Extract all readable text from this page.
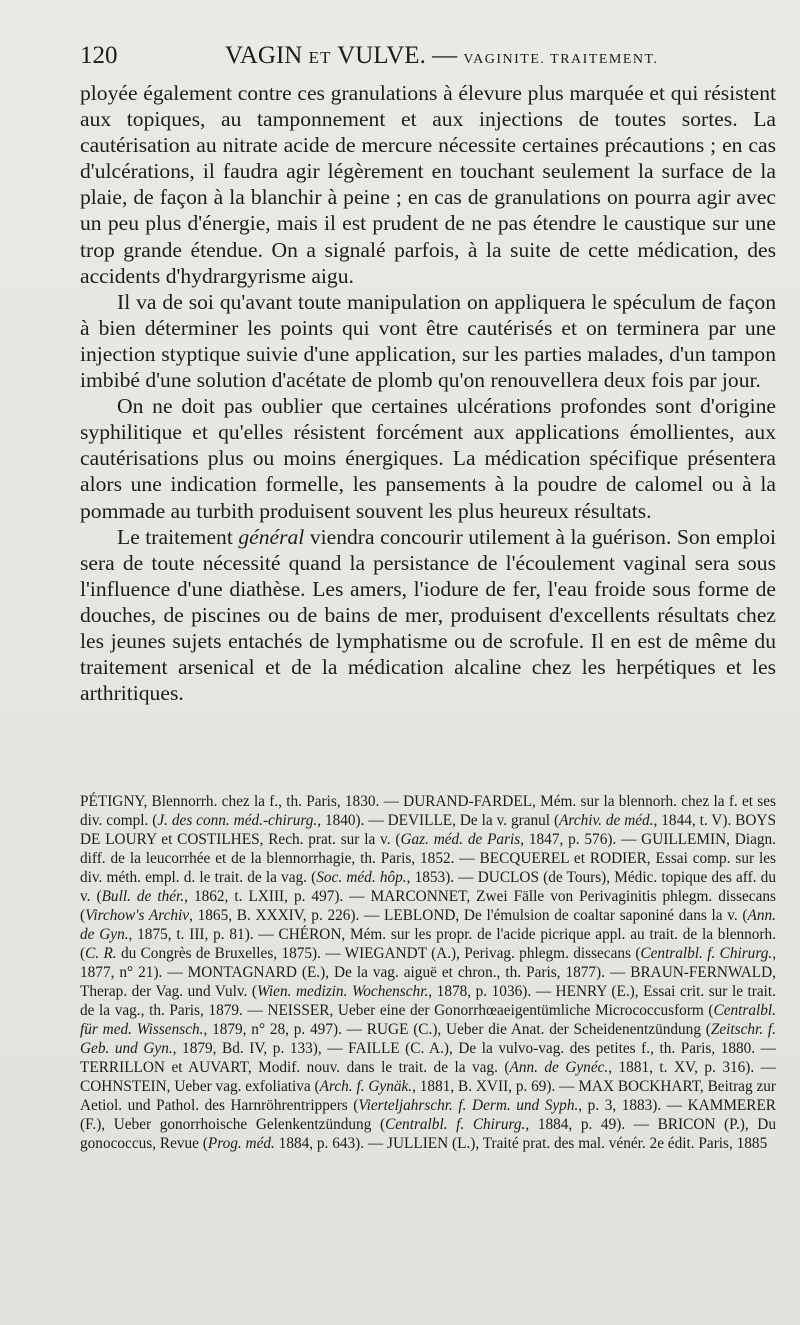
120	VAGIN ET VULVE. — VAGINITE. TRAITEMENT.

ployée également contre ces granulations à élevure plus marquée et qui résistent aux topiques, au tamponnement et aux injections de toutes sortes. La cautérisation au nitrate acide de mercure nécessite certaines précautions ; en cas d'ulcérations, il faudra agir légèrement en touchant seulement la surface de la plaie, de façon à la blanchir à peine ; en cas de granulations on pourra agir avec un peu plus d'énergie, mais il est prudent de ne pas étendre le caustique sur une trop grande étendue. On a signalé parfois, à la suite de cette médication, des accidents d'hydrargyrisme aigu.

Il va de soi qu'avant toute manipulation on appliquera le spéculum de façon à bien déterminer les points qui vont être cautérisés et on terminera par une injection styptique suivie d'une application, sur les parties malades, d'un tampon imbibé d'une solution d'acétate de plomb qu'on renouvellera deux fois par jour.

On ne doit pas oublier que certaines ulcérations profondes sont d'origine syphilitique et qu'elles résistent forcément aux applications émollientes, aux cautérisations plus ou moins énergiques. La médication spécifique présentera alors une indication formelle, les pansements à la poudre de calomel ou à la pommade au turbith produisent souvent les plus heureux résultats.

Le traitement général viendra concourir utilement à la guérison. Son emploi sera de toute nécessité quand la persistance de l'écoulement vaginal sera sous l'influence d'une diathèse. Les amers, l'iodure de fer, l'eau froide sous forme de douches, de piscines ou de bains de mer, produisent d'excellents résultats chez les jeunes sujets entachés de lymphatisme ou de scrofule. Il en est de même du traitement arsenical et de la médication alcaline chez les herpétiques et les arthritiques.

PÉTIGNY, Blennorrh. chez la f., th. Paris, 1830. — DURAND-FARDEL, Mém. sur la blennorh. chez la f. et ses div. compl. (J. des conn. méd.-chirurg., 1840). — DEVILLE, De la v. granul (Archiv. de méd., 1844, t. V). BOYS DE LOURY et COSTILHES, Rech. prat. sur la v. (Gaz. méd. de Paris, 1847, p. 576). — GUILLEMIN, Diagn. diff. de la leucorrhée et de la blennorrhagie, th. Paris, 1852. — BECQUEREL et RODIER, Essai comp. sur les div. méth. empl. d. le trait. de la vag. (Soc. méd. hôp., 1853). — DUCLOS (de Tours), Médic. topique des aff. du v. (Bull. de thér., 1862, t. LXIII, p. 497). — MARCONNET, Zwei Fälle von Perivaginitis phlegm. dissecans (Virchow's Archiv, 1865, B. XXXIV, p. 226). — LEBLOND, De l'émulsion de coaltar saponiné dans la v. (Ann. de Gyn., 1875, t. III, p. 81). — CHÉRON, Mém. sur les propr. de l'acide picrique appl. au trait. de la blennorh. (C. R. du Congrès de Bruxelles, 1875). — WIEGANDT (A.), Perivag. phlegm. dissecans (Centralbl. f. Chirurg., 1877, n° 21). — MONTAGNARD (E.), De la vag. aiguë et chron., th. Paris, 1877). — BRAUN-FERNWALD, Therap. der Vag. und Vulv. (Wien. medizin. Wochenschr., 1878, p. 1036). — HENRY (E.), Essai crit. sur le trait. de la vag., th. Paris, 1879. — NEISSER, Ueber eine der Gonorrhœaeigentümliche Micrococcusform (Centralbl. für med. Wissensch., 1879, n° 28, p. 497). — RUGE (C.), Ueber die Anat. der Scheidenentzündung (Zeitschr. f. Geb. und Gyn., 1879, Bd. IV, p. 133), — FAILLE (C. A.), De la vulvo-vag. des petites f., th. Paris, 1880. — TERRILLON et AUVART, Modif. nouv. dans le trait. de la vag. (Ann. de Gynéc., 1881, t. XV, p. 316). — COHNSTEIN, Ueber vag. exfoliativa (Arch. f. Gynäk., 1881, B. XVII, p. 69). — MAX BOCKHART, Beitrag zur Aetiol. und Pathol. des Harnröhrentrippers (Vierteljahrschr. f. Derm. und Syph., p. 3, 1883). — KAMMERER (F.), Ueber gonorrhoische Gelenkentzündung (Centralbl. f. Chirurg., 1884, p. 49). — BRICON (P.), Du gonococcus, Revue (Prog. méd. 1884, p. 643). — JULLIEN (L.), Traité prat. des mal. vénér. 2e édit. Paris, 1885
